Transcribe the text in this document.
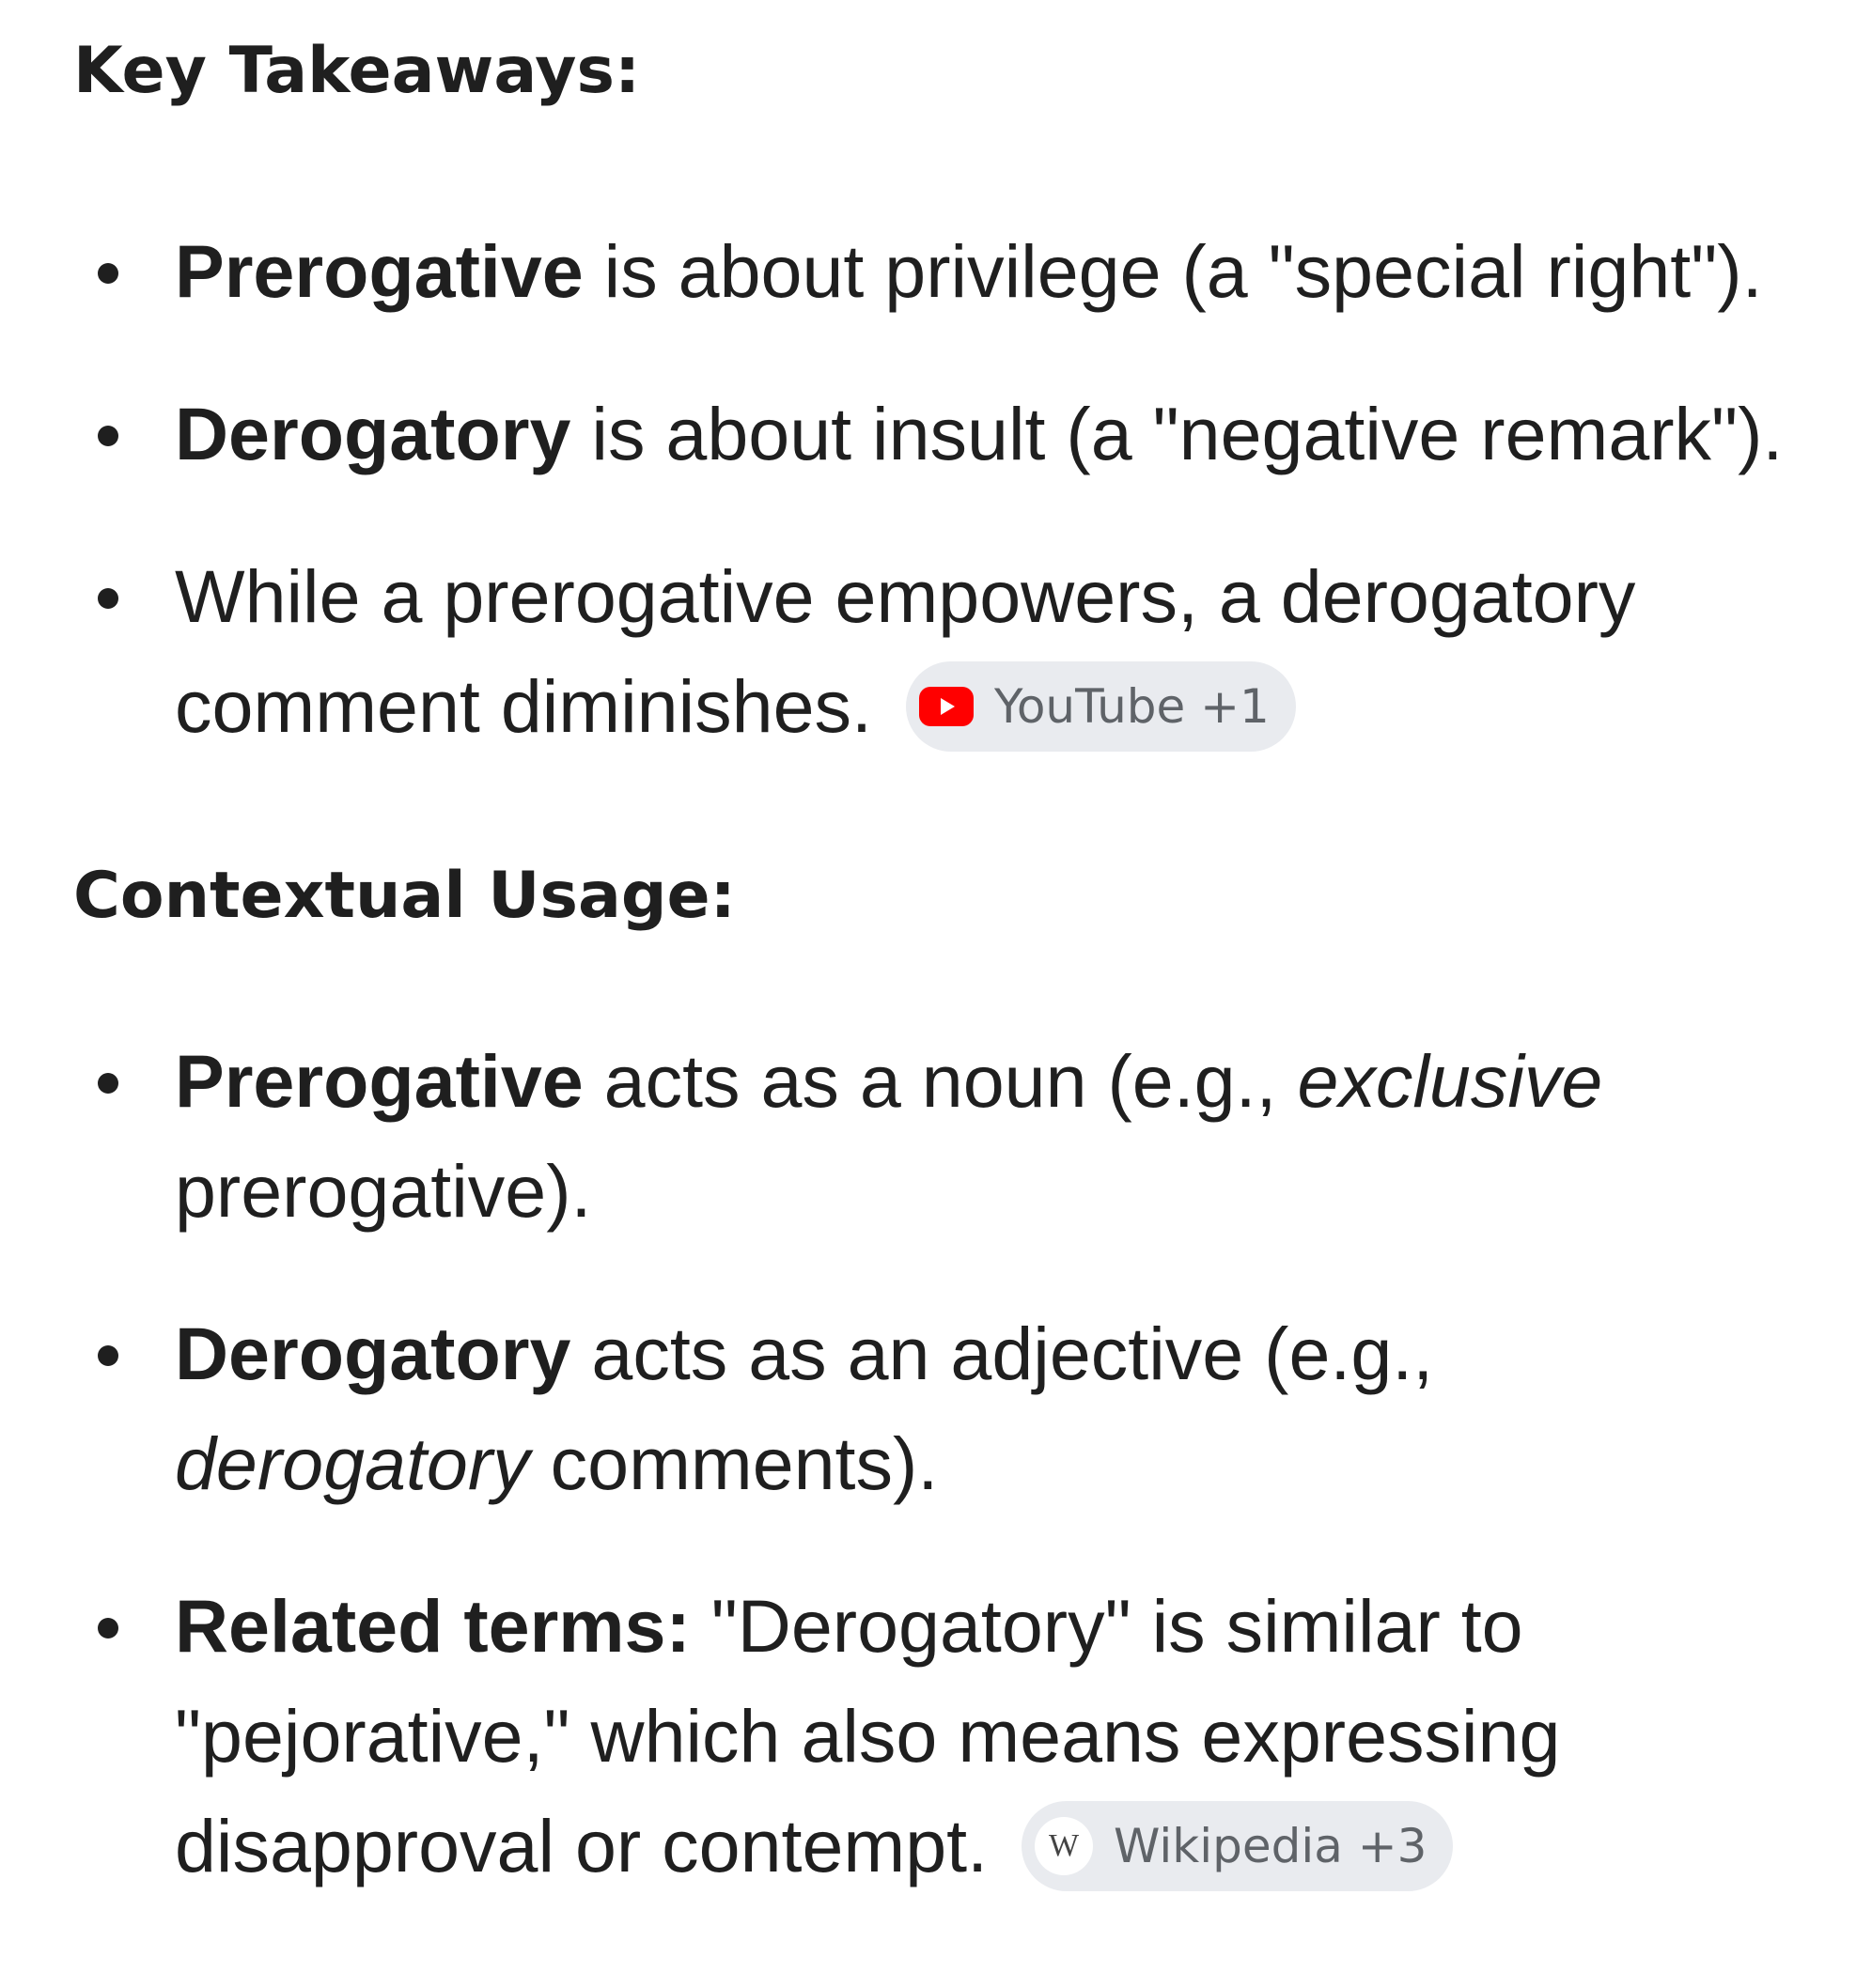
Key Takeaways:
Prerogative is about privilege (a "special right").
Derogatory is about insult (a "negative remark").
While a prerogative empowers, a derogatory comment diminishes. YouTube +1
Contextual Usage:
Prerogative acts as a noun (e.g., exclusive prerogative).
Derogatory acts as an adjective (e.g., derogatory comments).
Related terms: "Derogatory" is similar to "pejorative," which also means expressing disapproval or contempt.	W Wikipedia +3
